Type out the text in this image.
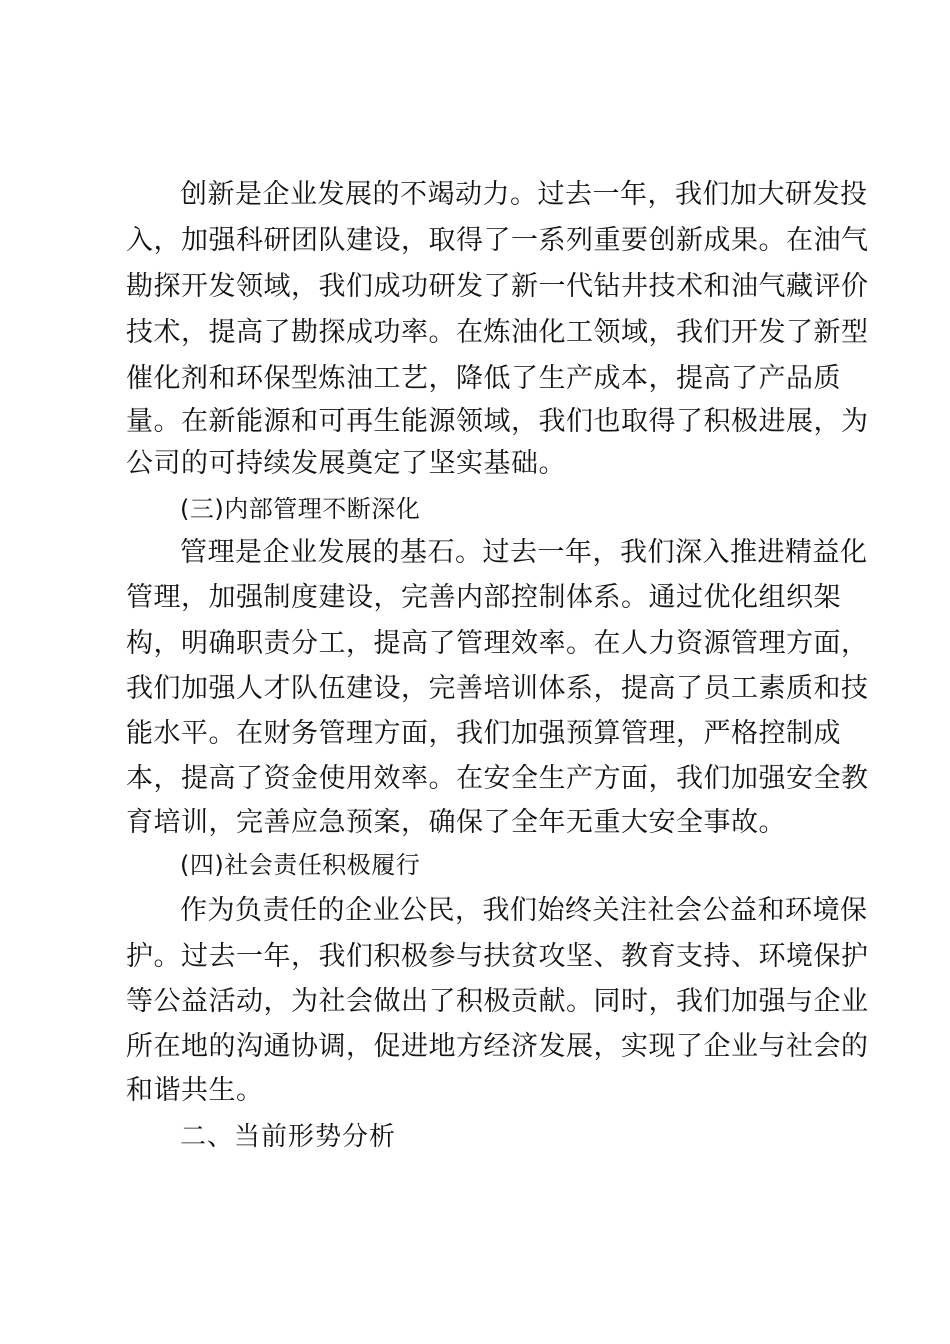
创新是企业发展的不竭动力。过去一年，我们加大研发投

入，加强科研团队建设，取得了一系列重要创新成果。在油气

勘探开发领域，我们成功研发了新一代钻井技术和油气藏评价

技术，提高了勘探成功率。在炼油化工领域，我们开发了新型

催化剂和环保型炼油工艺，降低了生产成本，提高了产品质

量。在新能源和可再生能源领域，我们也取得了积极进展，为

公司的可持续发展奠定了坚实基础。

(三)内部管理不断深化

管理是企业发展的基石。过去一年，我们深入推进精益化

管理，加强制度建设，完善内部控制体系。通过优化组织架

构，明确职责分工，提高了管理效率。在人力资源管理方面，

我们加强人才队伍建设，完善培训体系，提高了员工素质和技

能水平。在财务管理方面，我们加强预算管理，严格控制成

本，提高了资金使用效率。在安全生产方面，我们加强安全教

育培训，完善应急预案，确保了全年无重大安全事故。

(四)社会责任积极履行

作为负责任的企业公民，我们始终关注社会公益和环境保

护。过去一年，我们积极参与扶贫攻坚、教育支持、环境保护

等公益活动，为社会做出了积极贡献。同时，我们加强与企业

所在地的沟通协调，促进地方经济发展，实现了企业与社会的

和谐共生。

二、当前形势分析
